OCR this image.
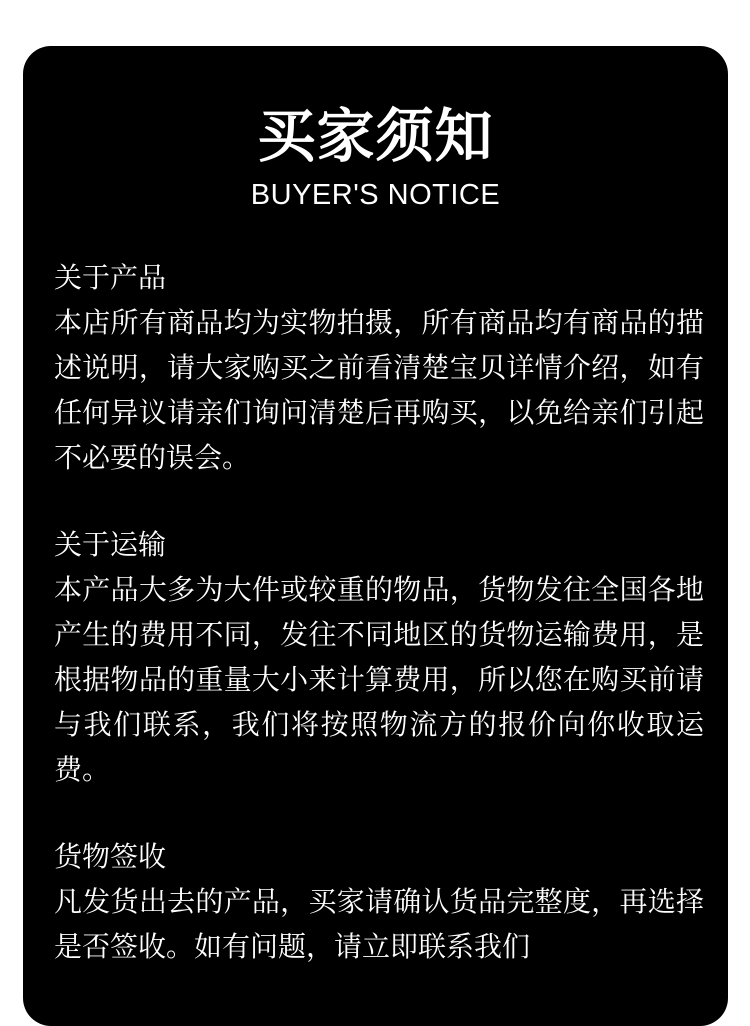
买家须知
BUYER'S NOTICE

关于产品

本店所有商品均为实物拍摄，所有商品均有商品的描述说明，请大家购买之前看清楚宝贝详情介绍，如有任何异议请亲们询问清楚后再购买，以免给亲们引起不必要的误会。

关于运输

本产品大多为大件或较重的物品，货物发往全国各地产生的费用不同，发往不同地区的货物运输费用，是根据物品的重量大小来计算费用，所以您在购买前请与我们联系，我们将按照物流方的报价向你收取运费。

货物签收

凡发货出去的产品，买家请确认货品完整度，再选择是否签收。如有问题，请立即联系我们
